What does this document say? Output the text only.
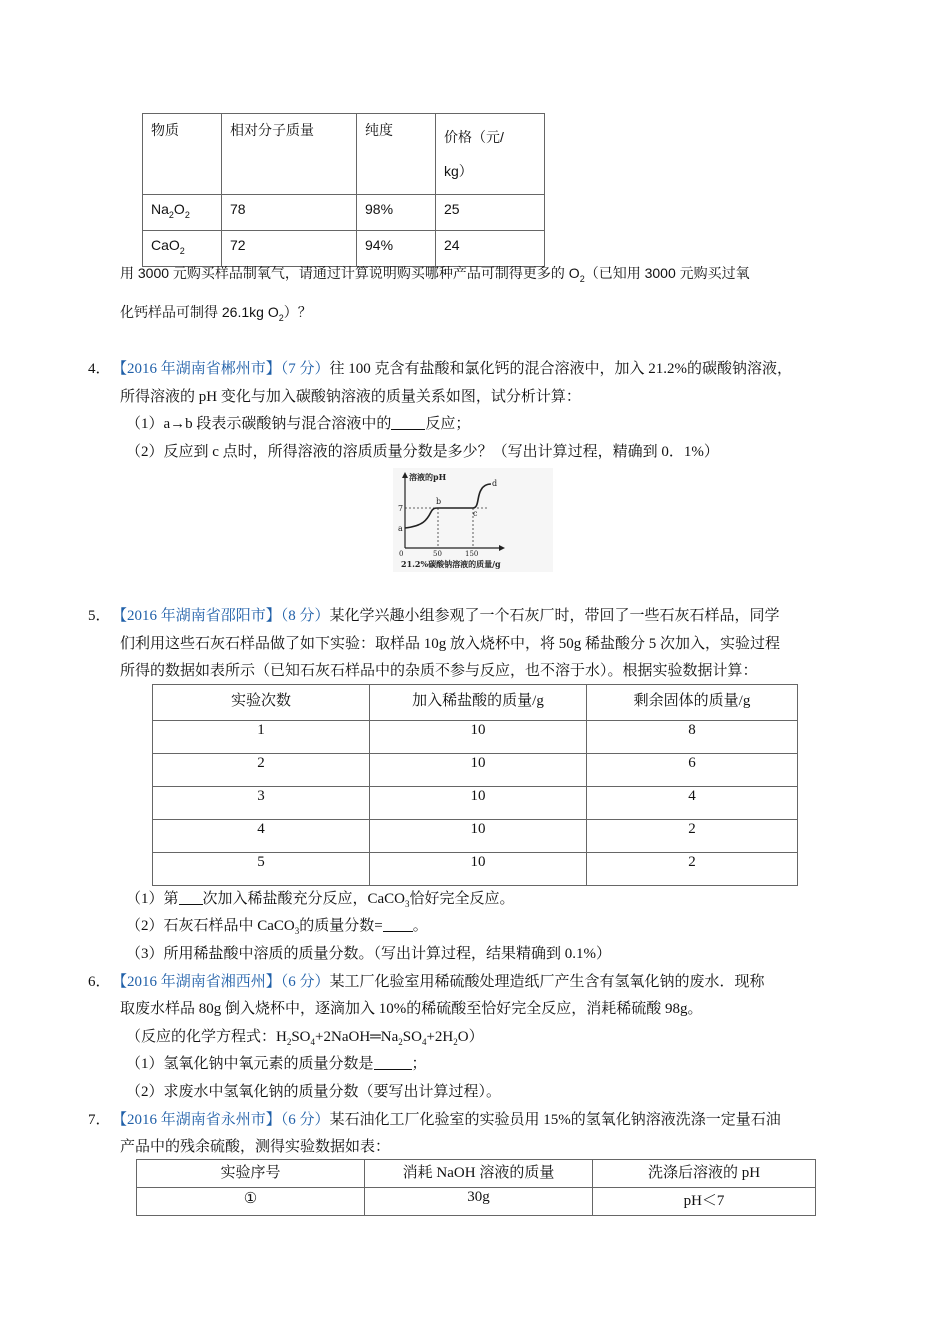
物质	相对分子质量	纯度	价格（元/
kg）
$Na_2O_2$	78	98%	25
CaO$_2$	72	94%	24
用 3000 元购买样品制氧气，请通过计算说明购买哪种产品可制得更多的 $O_2$（已知用 3000 元购买过氧
化钙样品可制得 26.1kg $O_2$）？
4． 【2016 年湖南省郴州市】（7 分）往 100 克含有盐酸和氯化钙的混合溶液中，加入 21.2%的碳酸钠溶液，
所得溶液的 pH 变化与加入碳酸钠溶液的质量关系如图，试分析计算：
（1）a→b 段表示碳酸钠与混合溶液中的 反应；
（2）反应到 c 点时，所得溶液的溶质质量分数是多少？（写出计算过程，精确到 0．1%）
溶液的pH
7
a
b
c
d
0	50	150
21.2%碳酸钠溶液的质量/g
5． 【2016 年湖南省邵阳市】（8 分）某化学兴趣小组参观了一个石灰厂时，带回了一些石灰石样品，同学
们利用这些石灰石样品做了如下实验：取样品 10g 放入烧杯中，将 50g 稀盐酸分 5 次加入，实验过程
所得的数据如表所示（已知石灰石样品中的杂质不参与反应，也不溶于水）。根据实验数据计算：
实验次数	加入稀盐酸的质量/g	剩余固体的质量/g
1	10	8
2	10	6
3	10	4
4	10	2
5	10	2
（1）第 次加入稀盐酸充分反应，CaCO$_3$恰好完全反应。
（2）石灰石样品中 CaCO$_3$的质量分数= 。
（3）所用稀盐酸中溶质的质量分数。（写出计算过程，结果精确到 0.1%）
6． 【2016 年湖南省湘西州】（6 分）某工厂化验室用稀硫酸处理造纸厂产生含有氢氧化钠的废水．现称
取废水样品 80g 倒入烧杯中，逐滴加入 10%的稀硫酸至恰好完全反应，消耗稀硫酸 98g。
（反应的化学方程式：$H_2SO_4+2NaOH═Na_2SO_4+2H_2O$）
（1）氢氧化钠中氧元素的质量分数是	；
（2）求废水中氢氧化钠的质量分数（要写出计算过程）。
7． 【2016 年湖南省永州市】（6 分）某石油化工厂化验室的实验员用 15%的氢氧化钠溶液洗涤一定量石油
产品中的残余硫酸，测得实验数据如表：
实验序号	消耗 NaOH 溶液的质量	洗涤后溶液的 pH
①	30g	pH＜7
